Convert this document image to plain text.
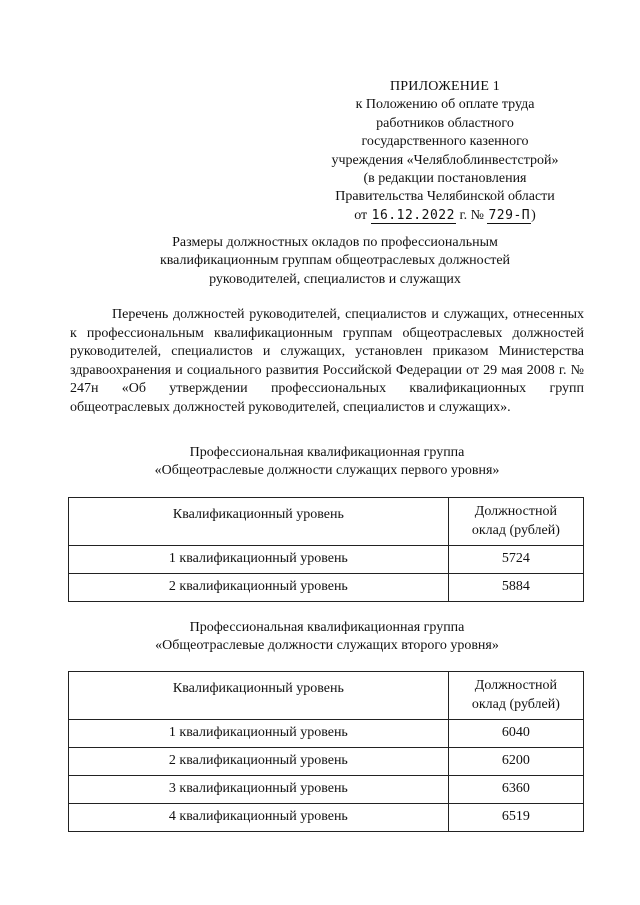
ПРИЛОЖЕНИЕ 1
к Положению об оплате труда
работников областного
государственного казенного
учреждения «Челяблоблинвестстрой»
(в редакции постановления
Правительства Челябинской области
от 16.12.2022 г. № 729-П)
Размеры должностных окладов по профессиональным
квалификационным группам общеотраслевых должностей
руководителей, специалистов и служащих

Перечень должностей руководителей, специалистов и служащих, отнесенных к профессиональным квалификационным группам общеотраслевых должностей руководителей, специалистов и служащих, установлен приказом Министерства здравоохранения и социального развития Российской Федерации от 29 мая 2008 г. № 247н «Об утверждении профессиональных квалификационных групп общеотраслевых должностей руководителей, специалистов и служащих».

Профессиональная квалификационная группа
«Общеотраслевые должности служащих первого уровня»
Квалификационный уровень	Должностной
оклад (рублей)
1 квалификационный уровень	5724
2 квалификационный уровень	5884
Профессиональная квалификационная группа
«Общеотраслевые должности служащих второго уровня»
Квалификационный уровень	Должностной
оклад (рублей)
1 квалификационный уровень	6040
2 квалификационный уровень	6200
3 квалификационный уровень	6360
4 квалификационный уровень	6519
